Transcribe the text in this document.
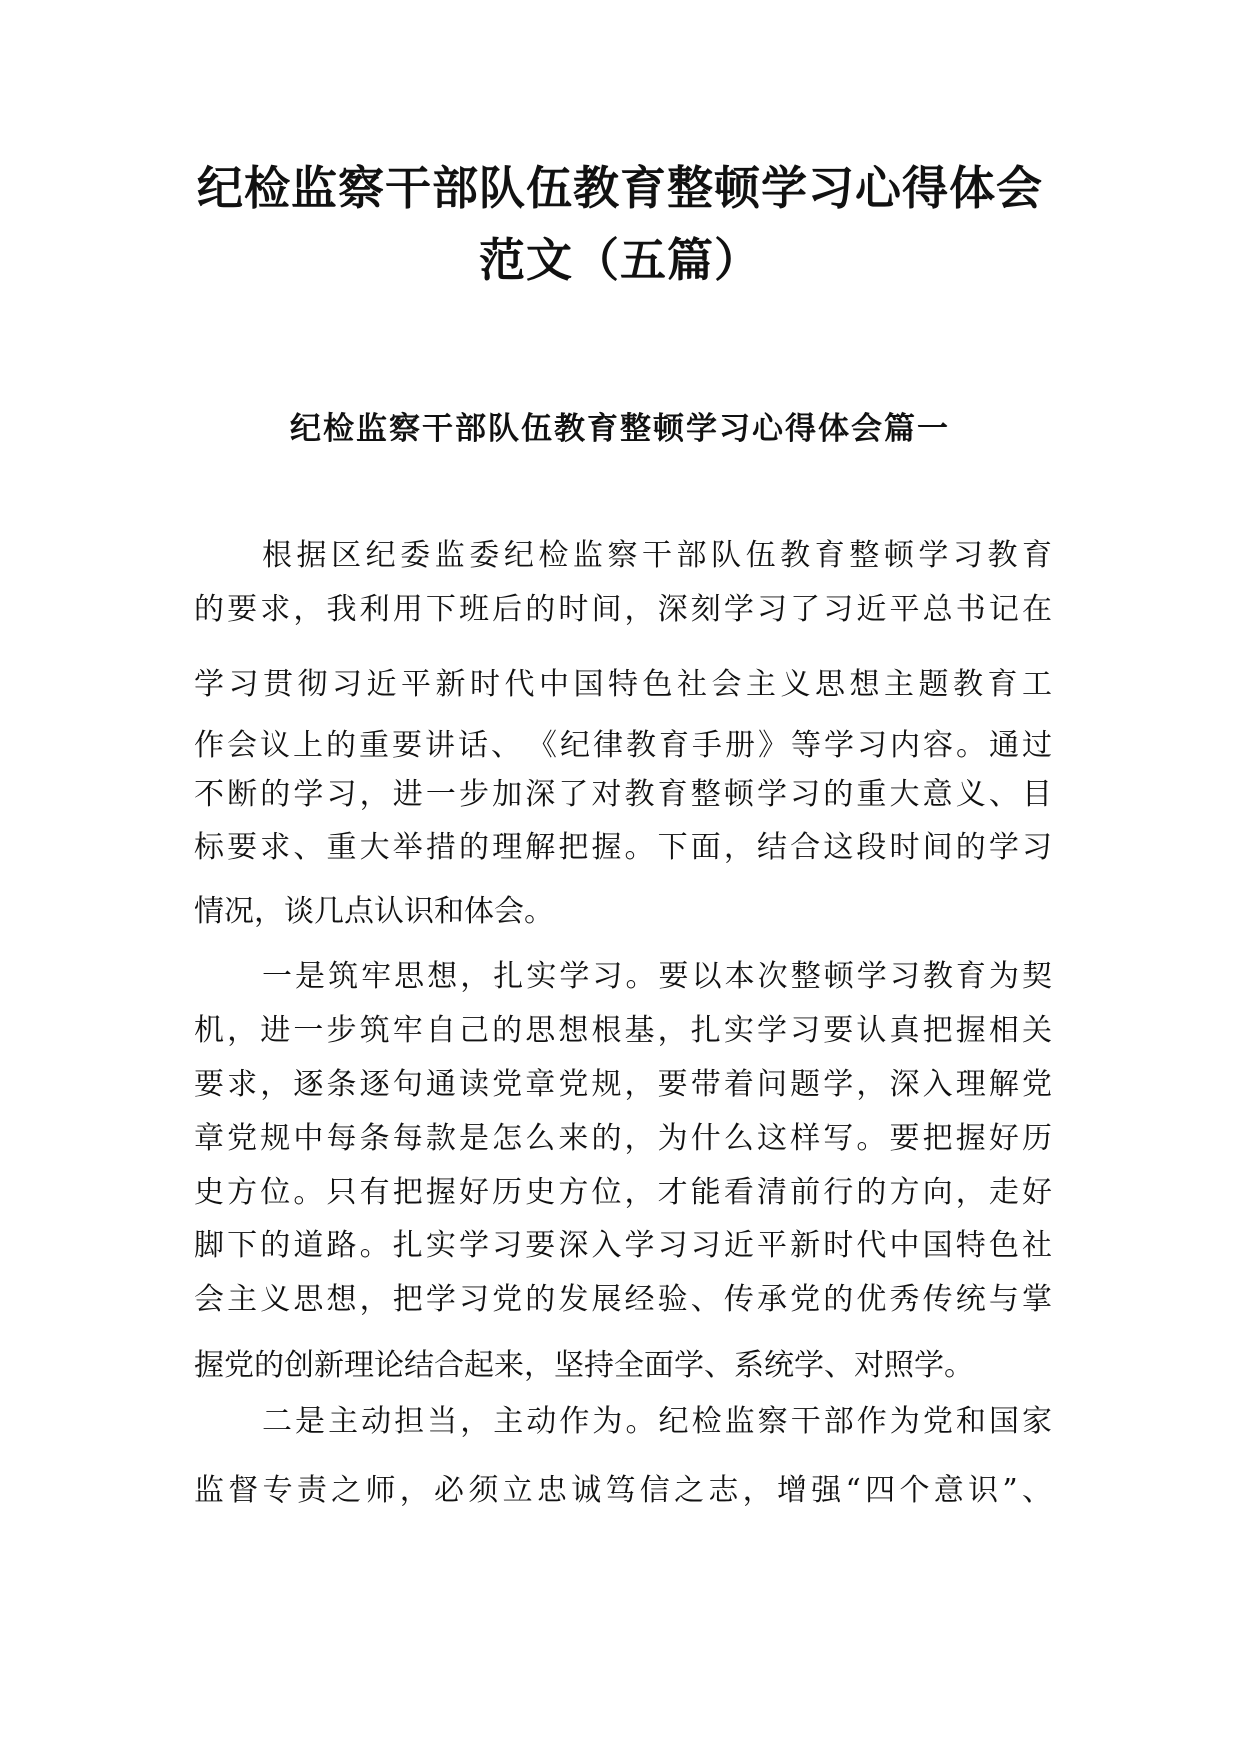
纪检监察干部队伍教育整顿学习心得体会
范文（五篇）
纪检监察干部队伍教育整顿学习心得体会篇一

根据区纪委监委纪检监察干部队伍教育整顿学习教育

的要求，我利用下班后的时间，深刻学习了习近平总书记在

学习贯彻习近平新时代中国特色社会主义思想主题教育工

作会议上的重要讲话、　《纪律教育手册》等学习内容。通过

不断的学习，进一步加深了对教育整顿学习的重大意义、目

标要求、重大举措的理解把握。下面，结合这段时间的学习

情况，谈几点认识和体会。

一是筑牢思想，扎实学习。要以本次整顿学习教育为契

机，进一步筑牢自己的思想根基，扎实学习要认真把握相关

要求，逐条逐句通读党章党规，要带着问题学，深入理解党

章党规中每条每款是怎么来的，为什么这样写。要把握好历

史方位。只有把握好历史方位，才能看清前行的方向，走好

脚下的道路。扎实学习要深入学习习近平新时代中国特色社

会主义思想，把学习党的发展经验、传承党的优秀传统与掌

握党的创新理论结合起来，坚持全面学、系统学、对照学。

二是主动担当，主动作为。纪检监察干部作为党和国家

监督专责之师，必须立忠诚笃信之志，增强“四个意识”、
